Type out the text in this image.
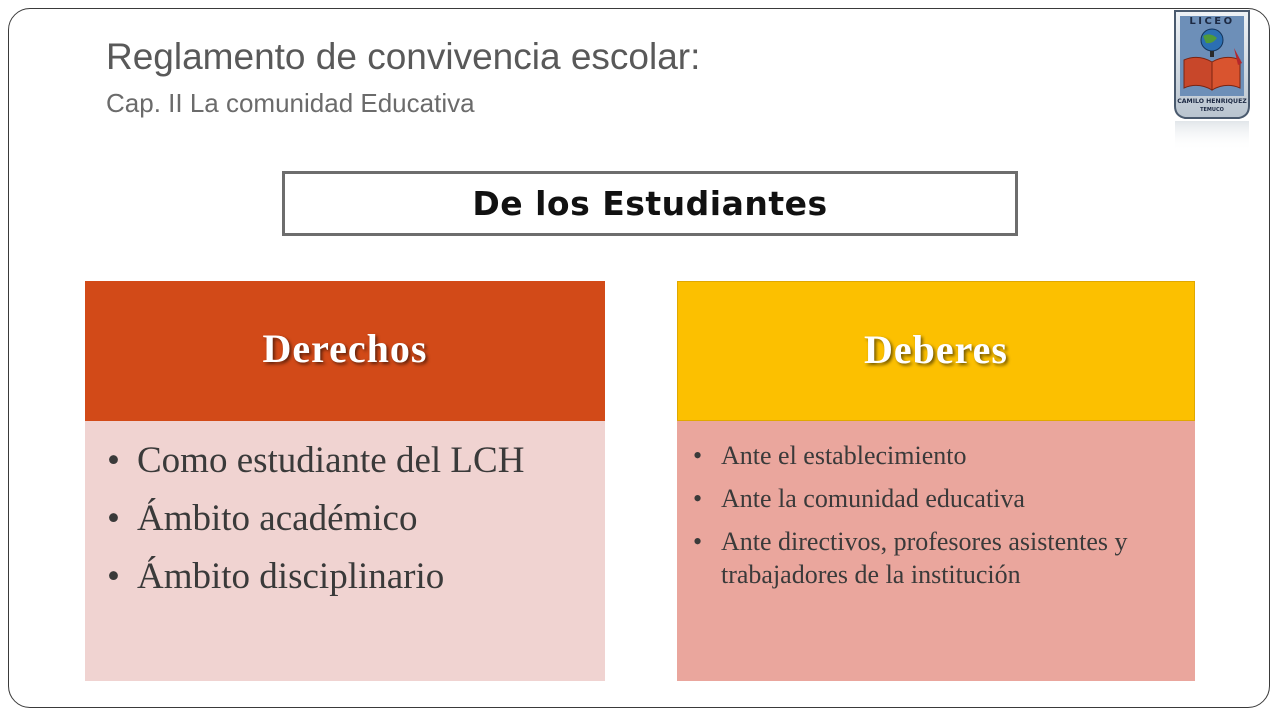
Reglamento de convivencia escolar:
Cap. II La comunidad Educativa
LICEO
CAMILO HENRIQUEZ
TEMUCO
De los Estudiantes
Derechos
• Como estudiante del LCH
• Ámbito académico
• Ámbito disciplinario
Deberes
• Ante el establecimiento
• Ante la comunidad educativa
• Ante directivos, profesores asistentes y trabajadores de la institución
